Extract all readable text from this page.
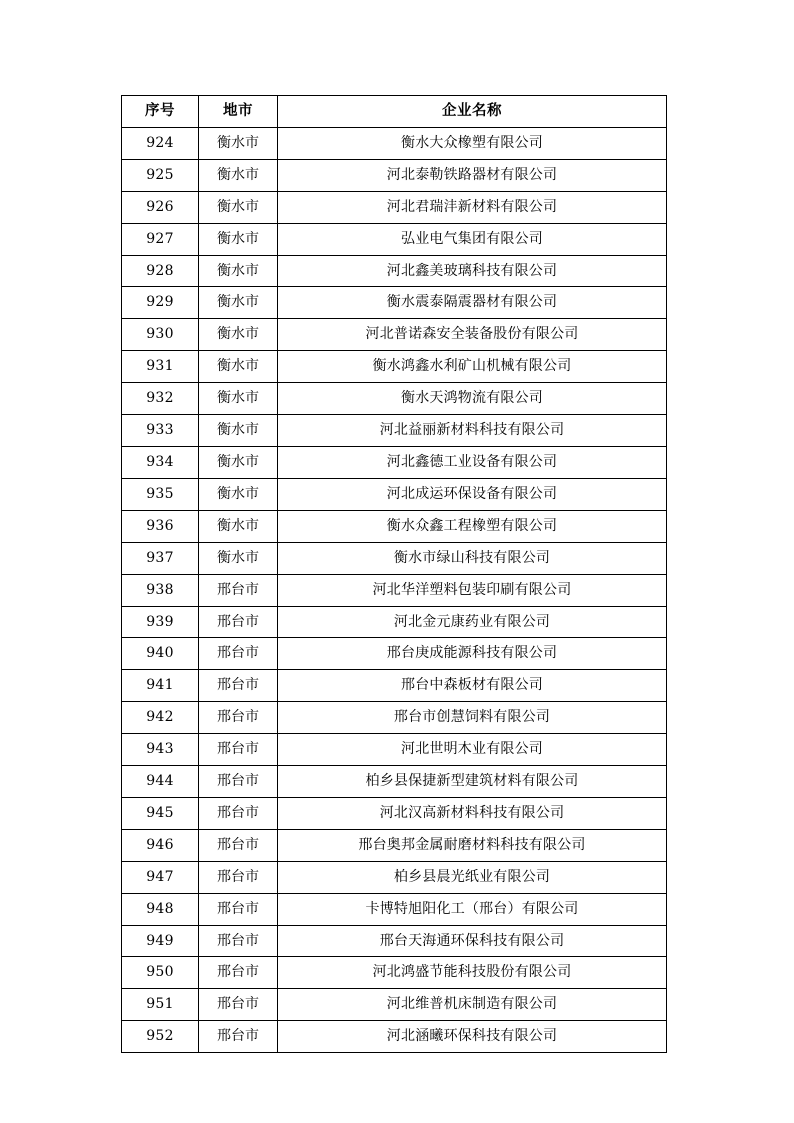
序号	地市	企业名称
924	衡水市	衡水大众橡塑有限公司
925	衡水市	河北泰勒铁路器材有限公司
926	衡水市	河北君瑞沣新材料有限公司
927	衡水市	弘业电气集团有限公司
928	衡水市	河北鑫美玻璃科技有限公司
929	衡水市	衡水震泰隔震器材有限公司
930	衡水市	河北普诺森安全装备股份有限公司
931	衡水市	衡水鸿鑫水利矿山机械有限公司
932	衡水市	衡水天鸿物流有限公司
933	衡水市	河北益丽新材料科技有限公司
934	衡水市	河北鑫德工业设备有限公司
935	衡水市	河北成运环保设备有限公司
936	衡水市	衡水众鑫工程橡塑有限公司
937	衡水市	衡水市绿山科技有限公司
938	邢台市	河北华洋塑料包装印刷有限公司
939	邢台市	河北金元康药业有限公司
940	邢台市	邢台庚成能源科技有限公司
941	邢台市	邢台中森板材有限公司
942	邢台市	邢台市创慧饲料有限公司
943	邢台市	河北世明木业有限公司
944	邢台市	柏乡县保捷新型建筑材料有限公司
945	邢台市	河北汉高新材料科技有限公司
946	邢台市	邢台奥邦金属耐磨材料科技有限公司
947	邢台市	柏乡县晨光纸业有限公司
948	邢台市	卡博特旭阳化工（邢台）有限公司
949	邢台市	邢台天海通环保科技有限公司
950	邢台市	河北鸿盛节能科技股份有限公司
951	邢台市	河北维普机床制造有限公司
952	邢台市	河北涵曦环保科技有限公司
